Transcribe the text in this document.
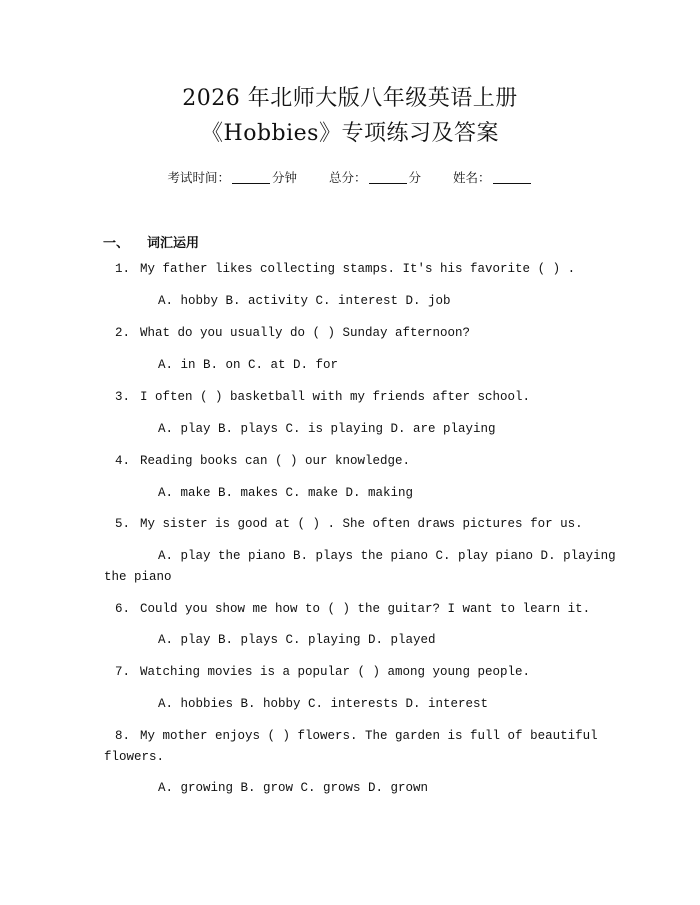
2026 年北师大版八年级英语上册
《Hobbies》专项练习及答案
考试时间：	分钟	总分：	分	姓名：
一、 词汇运用
1. My father likes collecting stamps. It's his favorite ( ) .
A. hobby B. activity C. interest D. job
2. What do you usually do ( ) Sunday afternoon?
A. in B. on C. at D. for
3. I often ( ) basketball with my friends after school.
A. play B. plays C. is playing D. are playing
4. Reading books can ( ) our knowledge.
A. make B. makes C. make D. making
5. My sister is good at ( ) . She often draws pictures for us.
A. play the piano B. plays the piano C. play piano D. playing
the piano
6. Could you show me how to ( ) the guitar? I want to learn it.
A. play B. plays C. playing D. played
7. Watching movies is a popular ( ) among young people.
A. hobbies B. hobby C. interests D. interest
8. My mother enjoys ( ) flowers. The garden is full of beautiful
flowers.
A. growing B. grow C. grows D. grown
